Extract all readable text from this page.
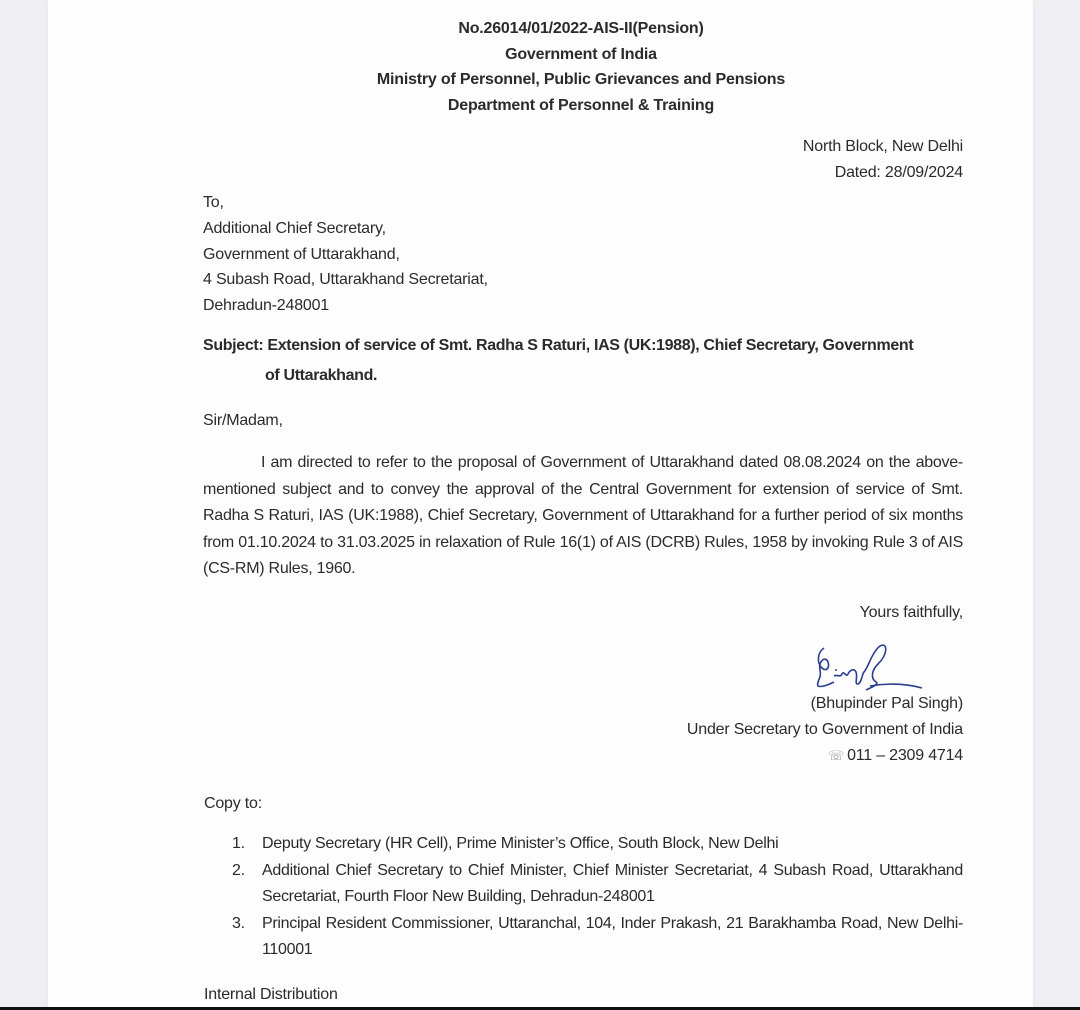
No.26014/01/2022-AIS-II(Pension)
Government of India
Ministry of Personnel, Public Grievances and Pensions
Department of Personnel & Training
North Block, New Delhi
Dated: 28/09/2024
To,
Additional Chief Secretary,
Government of Uttarakhand,
4 Subash Road, Uttarakhand Secretariat,
Dehradun-248001
Subject: Extension of service of Smt. Radha S Raturi, IAS (UK:1988), Chief Secretary, Government
of Uttarakhand.
Sir/Madam,
I am directed to refer to the proposal of Government of Uttarakhand dated 08.08.2024 on the above-mentioned subject and to convey the approval of the Central Government for extension of service of Smt. Radha S Raturi, IAS (UK:1988), Chief Secretary, Government of Uttarakhand for a further period of six months from 01.10.2024 to 31.03.2025 in relaxation of Rule 16(1) of AIS (DCRB) Rules, 1958 by invoking Rule 3 of AIS (CS-RM) Rules, 1960.
Yours faithfully,
(Bhupinder Pal Singh)
Under Secretary to Government of India
☏ 011 – 2309 4714
Copy to:
1. Deputy Secretary (HR Cell), Prime Minister’s Office, South Block, New Delhi
2. Additional Chief Secretary to Chief Minister, Chief Minister Secretariat, 4 Subash Road, Uttarakhand Secretariat, Fourth Floor New Building, Dehradun-248001
3. Principal Resident Commissioner, Uttaranchal, 104, Inder Prakash, 21 Barakhamba Road, New Delhi-110001
Internal Distribution
